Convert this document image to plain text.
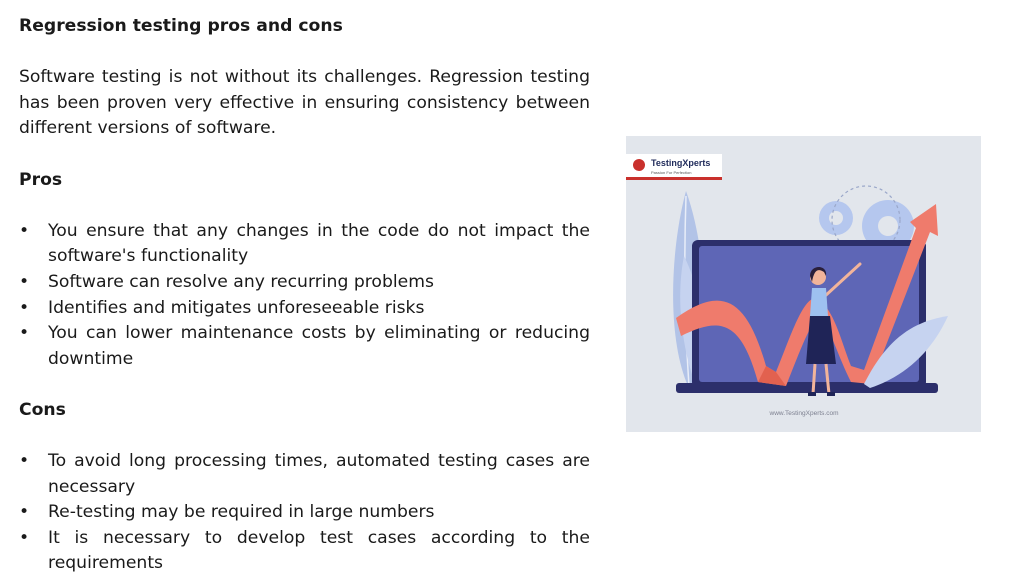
Regression testing pros and cons

Software testing is not without its challenges. Regression testing has been proven very effective in ensuring consistency between different versions of software.

Pros

• You ensure that any changes in the code do not impact the software's functionality
• Software can resolve any recurring problems
• Identifies and mitigates unforeseeable risks
• You can lower maintenance costs by eliminating or reducing downtime

Cons

• To avoid long processing times, automated testing cases are necessary
• Re-testing may be required in large numbers
• It is necessary to develop test cases according to the requirements
TestingXperts
Passion For Perfection
www.TestingXperts.com
